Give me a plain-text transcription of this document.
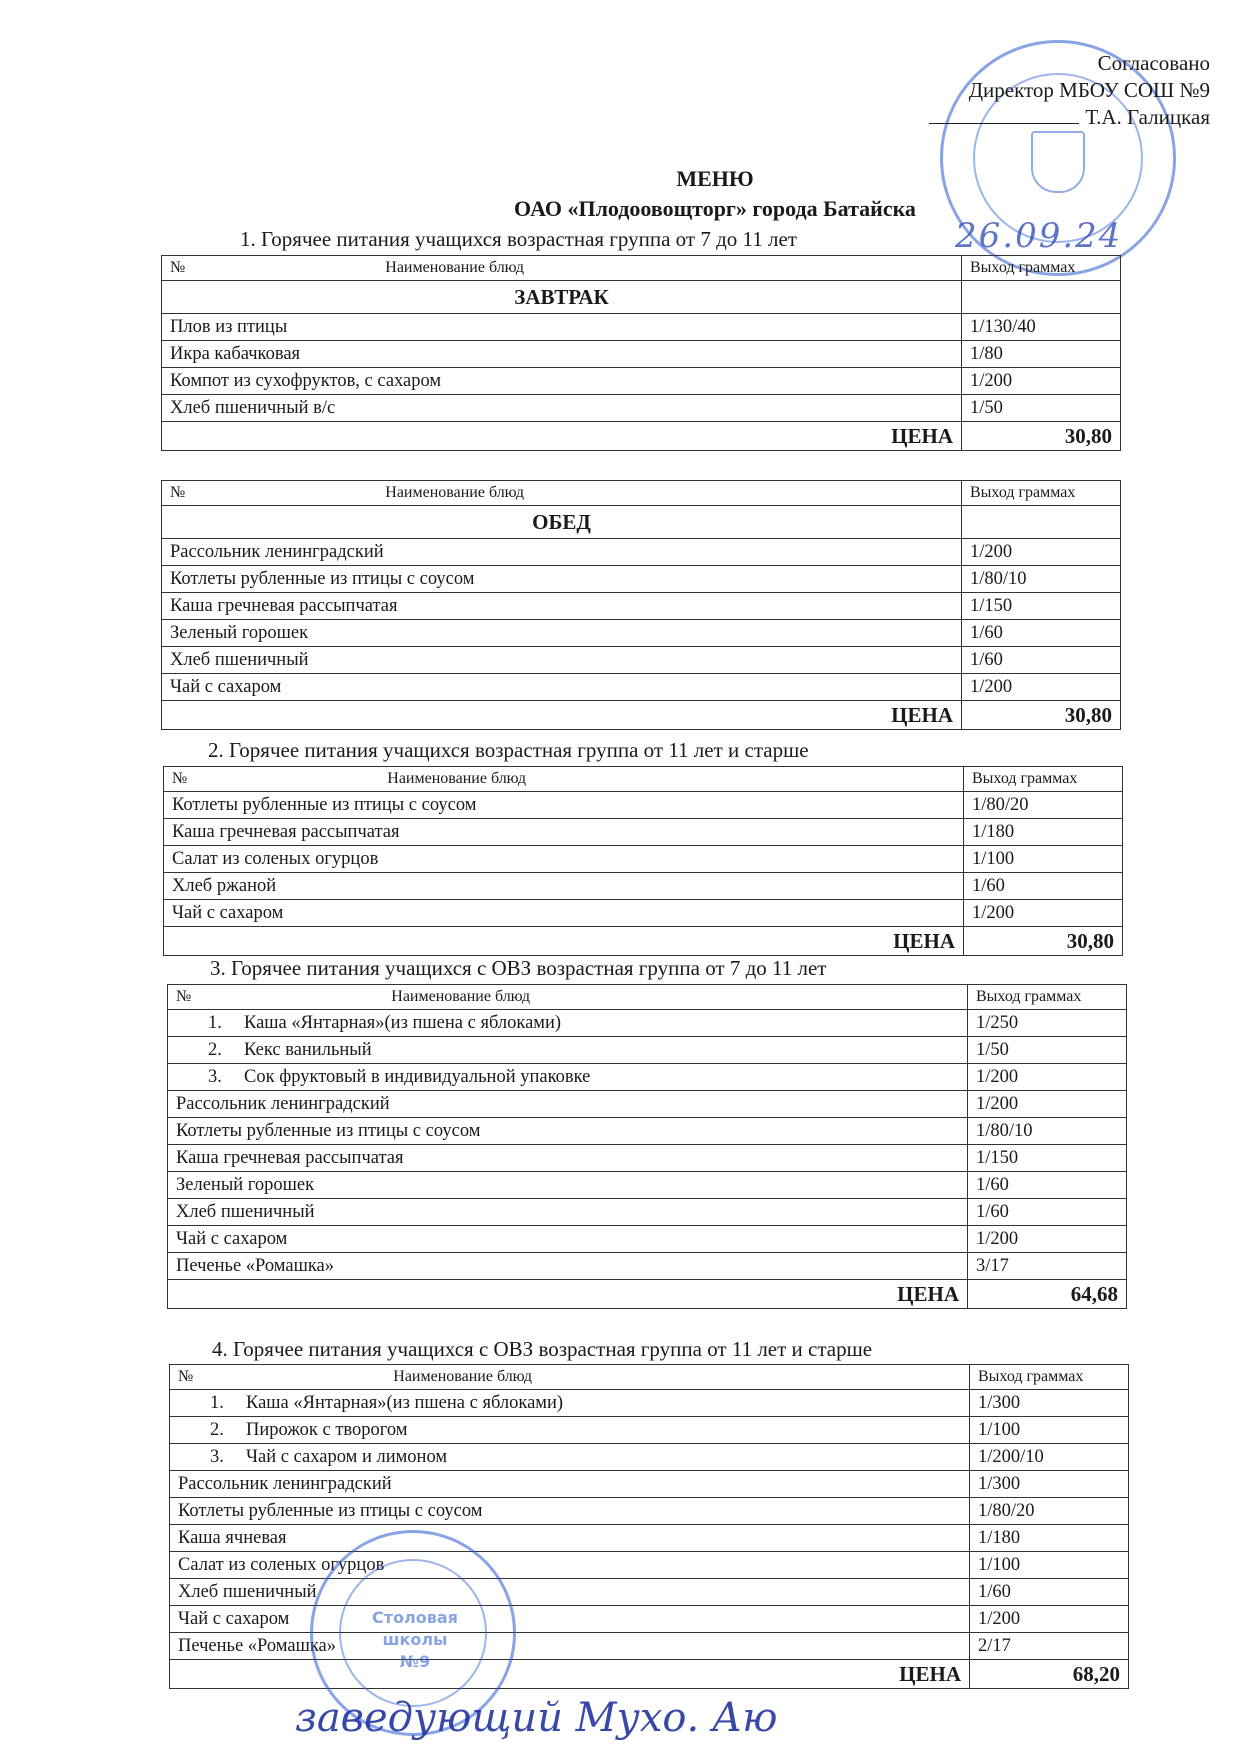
Согласовано
Директор МБОУ СОШ №9
Т.А. Галицкая
26.09.24
МЕНЮ
ОАО «Плодоовощторг» города Батайска
1. Горячее питания учащихся возрастная группа от 7 до 11 лет
№ Наименование блюд	Выход граммах
ЗАВТРАК	
Плов из птицы	1/130/40
Икра кабачковая	1/80
Компот из сухофруктов, с сахаром	1/200
Хлеб пшеничный в/с	1/50
ЦЕНА	30,80
№ Наименование блюд	Выход граммах
ОБЕД	
Рассольник ленинградский	1/200
Котлеты рубленные из птицы с соусом	1/80/10
Каша гречневая рассыпчатая	1/150
Зеленый горошек	1/60
Хлеб пшеничный	1/60
Чай с сахаром	1/200
ЦЕНА	30,80
2. Горячее питания учащихся возрастная группа от 11 лет и старше
№ Наименование блюд	Выход граммах
Котлеты рубленные из птицы с соусом	1/80/20
Каша гречневая рассыпчатая	1/180
Салат из соленых огурцов	1/100
Хлеб ржаной	1/60
Чай с сахаром	1/200
ЦЕНА	30,80
3. Горячее питания учащихся с ОВЗ возрастная группа от 7 до 11 лет
№ Наименование блюд	Выход граммах
1. Каша «Янтарная»(из пшена с яблоками)	1/250
2. Кекс ванильный	1/50
3. Сок фруктовый в индивидуальной упаковке	1/200
Рассольник ленинградский	1/200
Котлеты рубленные из птицы с соусом	1/80/10
Каша гречневая рассыпчатая	1/150
Зеленый горошек	1/60
Хлеб пшеничный	1/60
Чай с сахаром	1/200
Печенье «Ромашка»	3/17
ЦЕНА	64,68
4. Горячее питания учащихся с ОВЗ возрастная группа от 11 лет и старше
№ Наименование блюд	Выход граммах
1. Каша «Янтарная»(из пшена с яблоками)	1/300
2. Пирожок с творогом	1/100
3. Чай с сахаром и лимоном	1/200/10
Рассольник ленинградский	1/300
Котлеты рубленные из птицы с соусом	1/80/20
Каша ячневая	1/180
Салат из соленых огурцов	1/100
Хлеб пшеничный	1/60
Чай с сахаром	1/200
Печенье «Ромашка»	2/17
ЦЕНА	68,20
Столовая школы №9
заведующий Мухо. Аю
